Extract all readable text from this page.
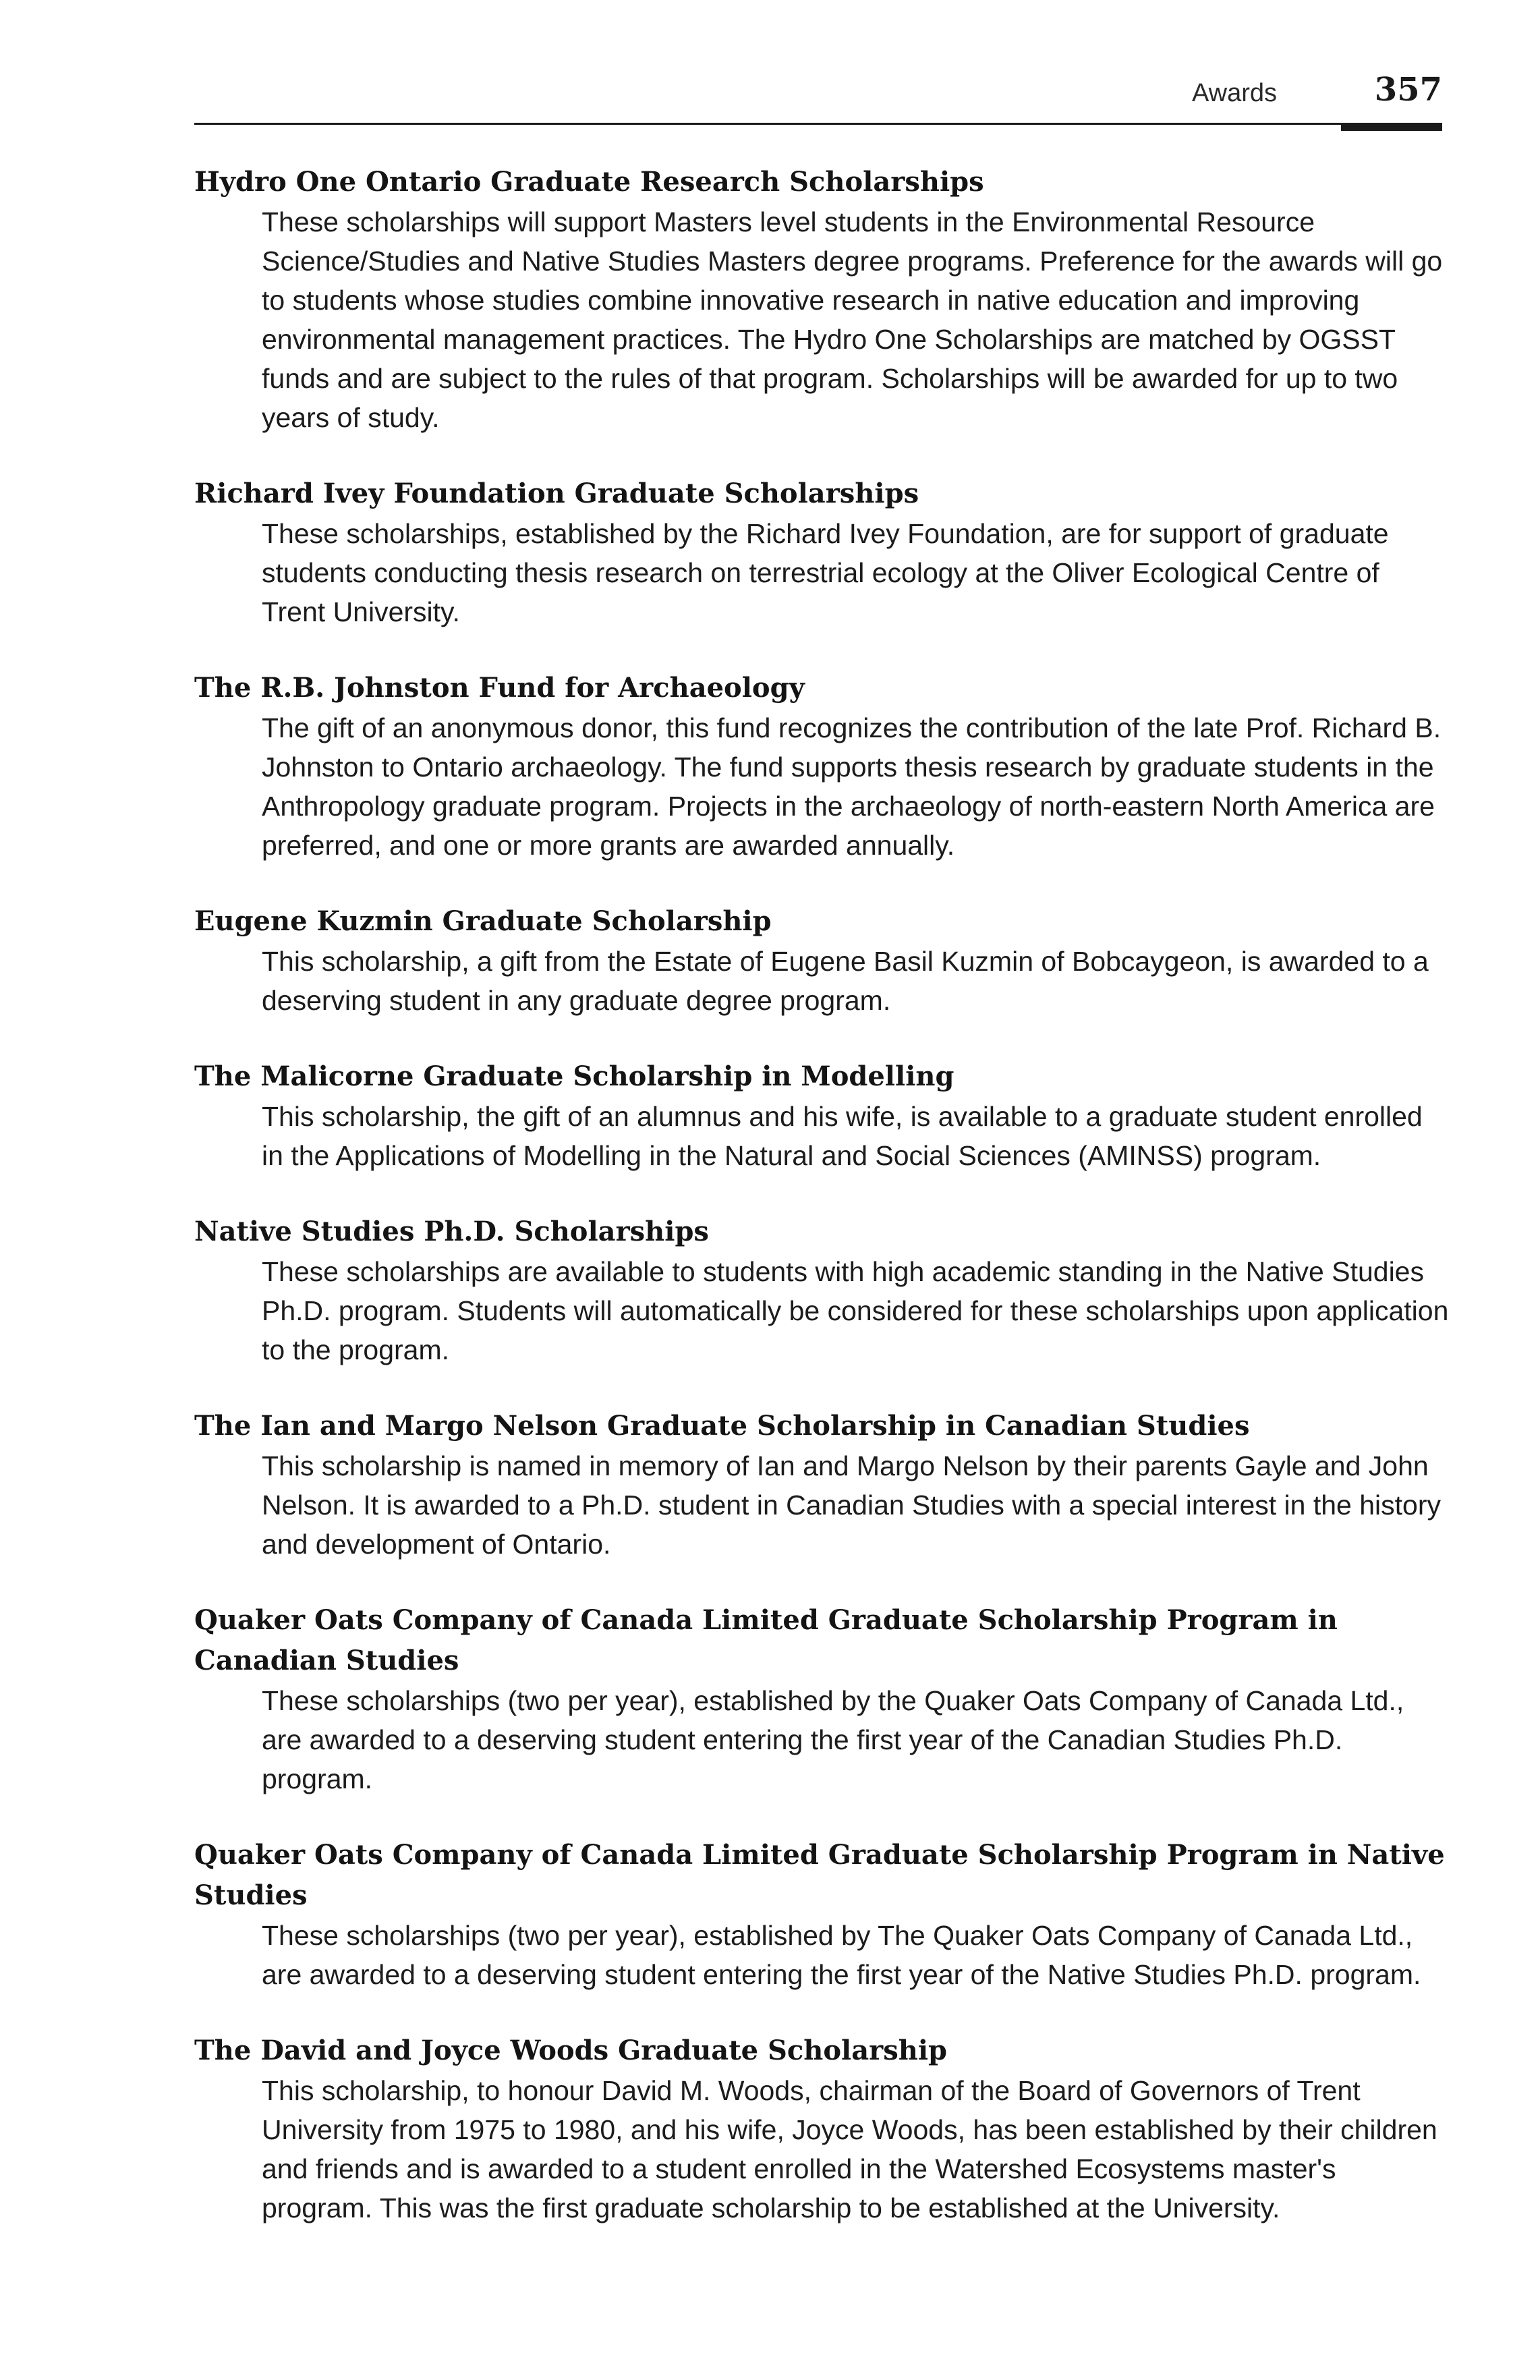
Awards	357

Hydro One Ontario Graduate Research Scholarships

These scholarships will support Masters level students in the Environmental Resource Science/Studies and Native Studies Masters degree programs. Preference for the awards will go to students whose studies combine innovative research in native education and improving environmental management practices. The Hydro One Scholarships are matched by OGSST funds and are subject to the rules of that program. Scholarships will be awarded for up to two years of study.

Richard Ivey Foundation Graduate Scholarships

These scholarships, established by the Richard Ivey Foundation, are for support of graduate students conducting thesis research on terrestrial ecology at the Oliver Ecological Centre of Trent University.

The R.B. Johnston Fund for Archaeology

The gift of an anonymous donor, this fund recognizes the contribution of the late Prof. Richard B. Johnston to Ontario archaeology. The fund supports thesis research by graduate students in the Anthropology graduate program. Projects in the archaeology of north-eastern North America are preferred, and one or more grants are awarded annually.

Eugene Kuzmin Graduate Scholarship

This scholarship, a gift from the Estate of Eugene Basil Kuzmin of Bobcaygeon, is awarded to a deserving student in any graduate degree program.

The Malicorne Graduate Scholarship in Modelling

This scholarship, the gift of an alumnus and his wife, is available to a graduate student enrolled in the Applications of Modelling in the Natural and Social Sciences (AMINSS) program.

Native Studies Ph.D. Scholarships

These scholarships are available to students with high academic standing in the Native Studies Ph.D. program. Students will automatically be considered for these scholarships upon application to the program.

The Ian and Margo Nelson Graduate Scholarship in Canadian Studies

This scholarship is named in memory of Ian and Margo Nelson by their parents Gayle and John Nelson. It is awarded to a Ph.D. student in Canadian Studies with a special interest in the history and development of Ontario.

Quaker Oats Company of Canada Limited Graduate Scholarship Program in Canadian Studies

These scholarships (two per year), established by the Quaker Oats Company of Canada Ltd., are awarded to a deserving student entering the first year of the Canadian Studies Ph.D. program.

Quaker Oats Company of Canada Limited Graduate Scholarship Program in Native Studies

These scholarships (two per year), established by The Quaker Oats Company of Canada Ltd., are awarded to a deserving student entering the first year of the Native Studies Ph.D. program.

The David and Joyce Woods Graduate Scholarship

This scholarship, to honour David M. Woods, chairman of the Board of Governors of Trent University from 1975 to 1980, and his wife, Joyce Woods, has been established by their children and friends and is awarded to a student enrolled in the Watershed Ecosystems master's program. This was the first graduate scholarship to be established at the University.
